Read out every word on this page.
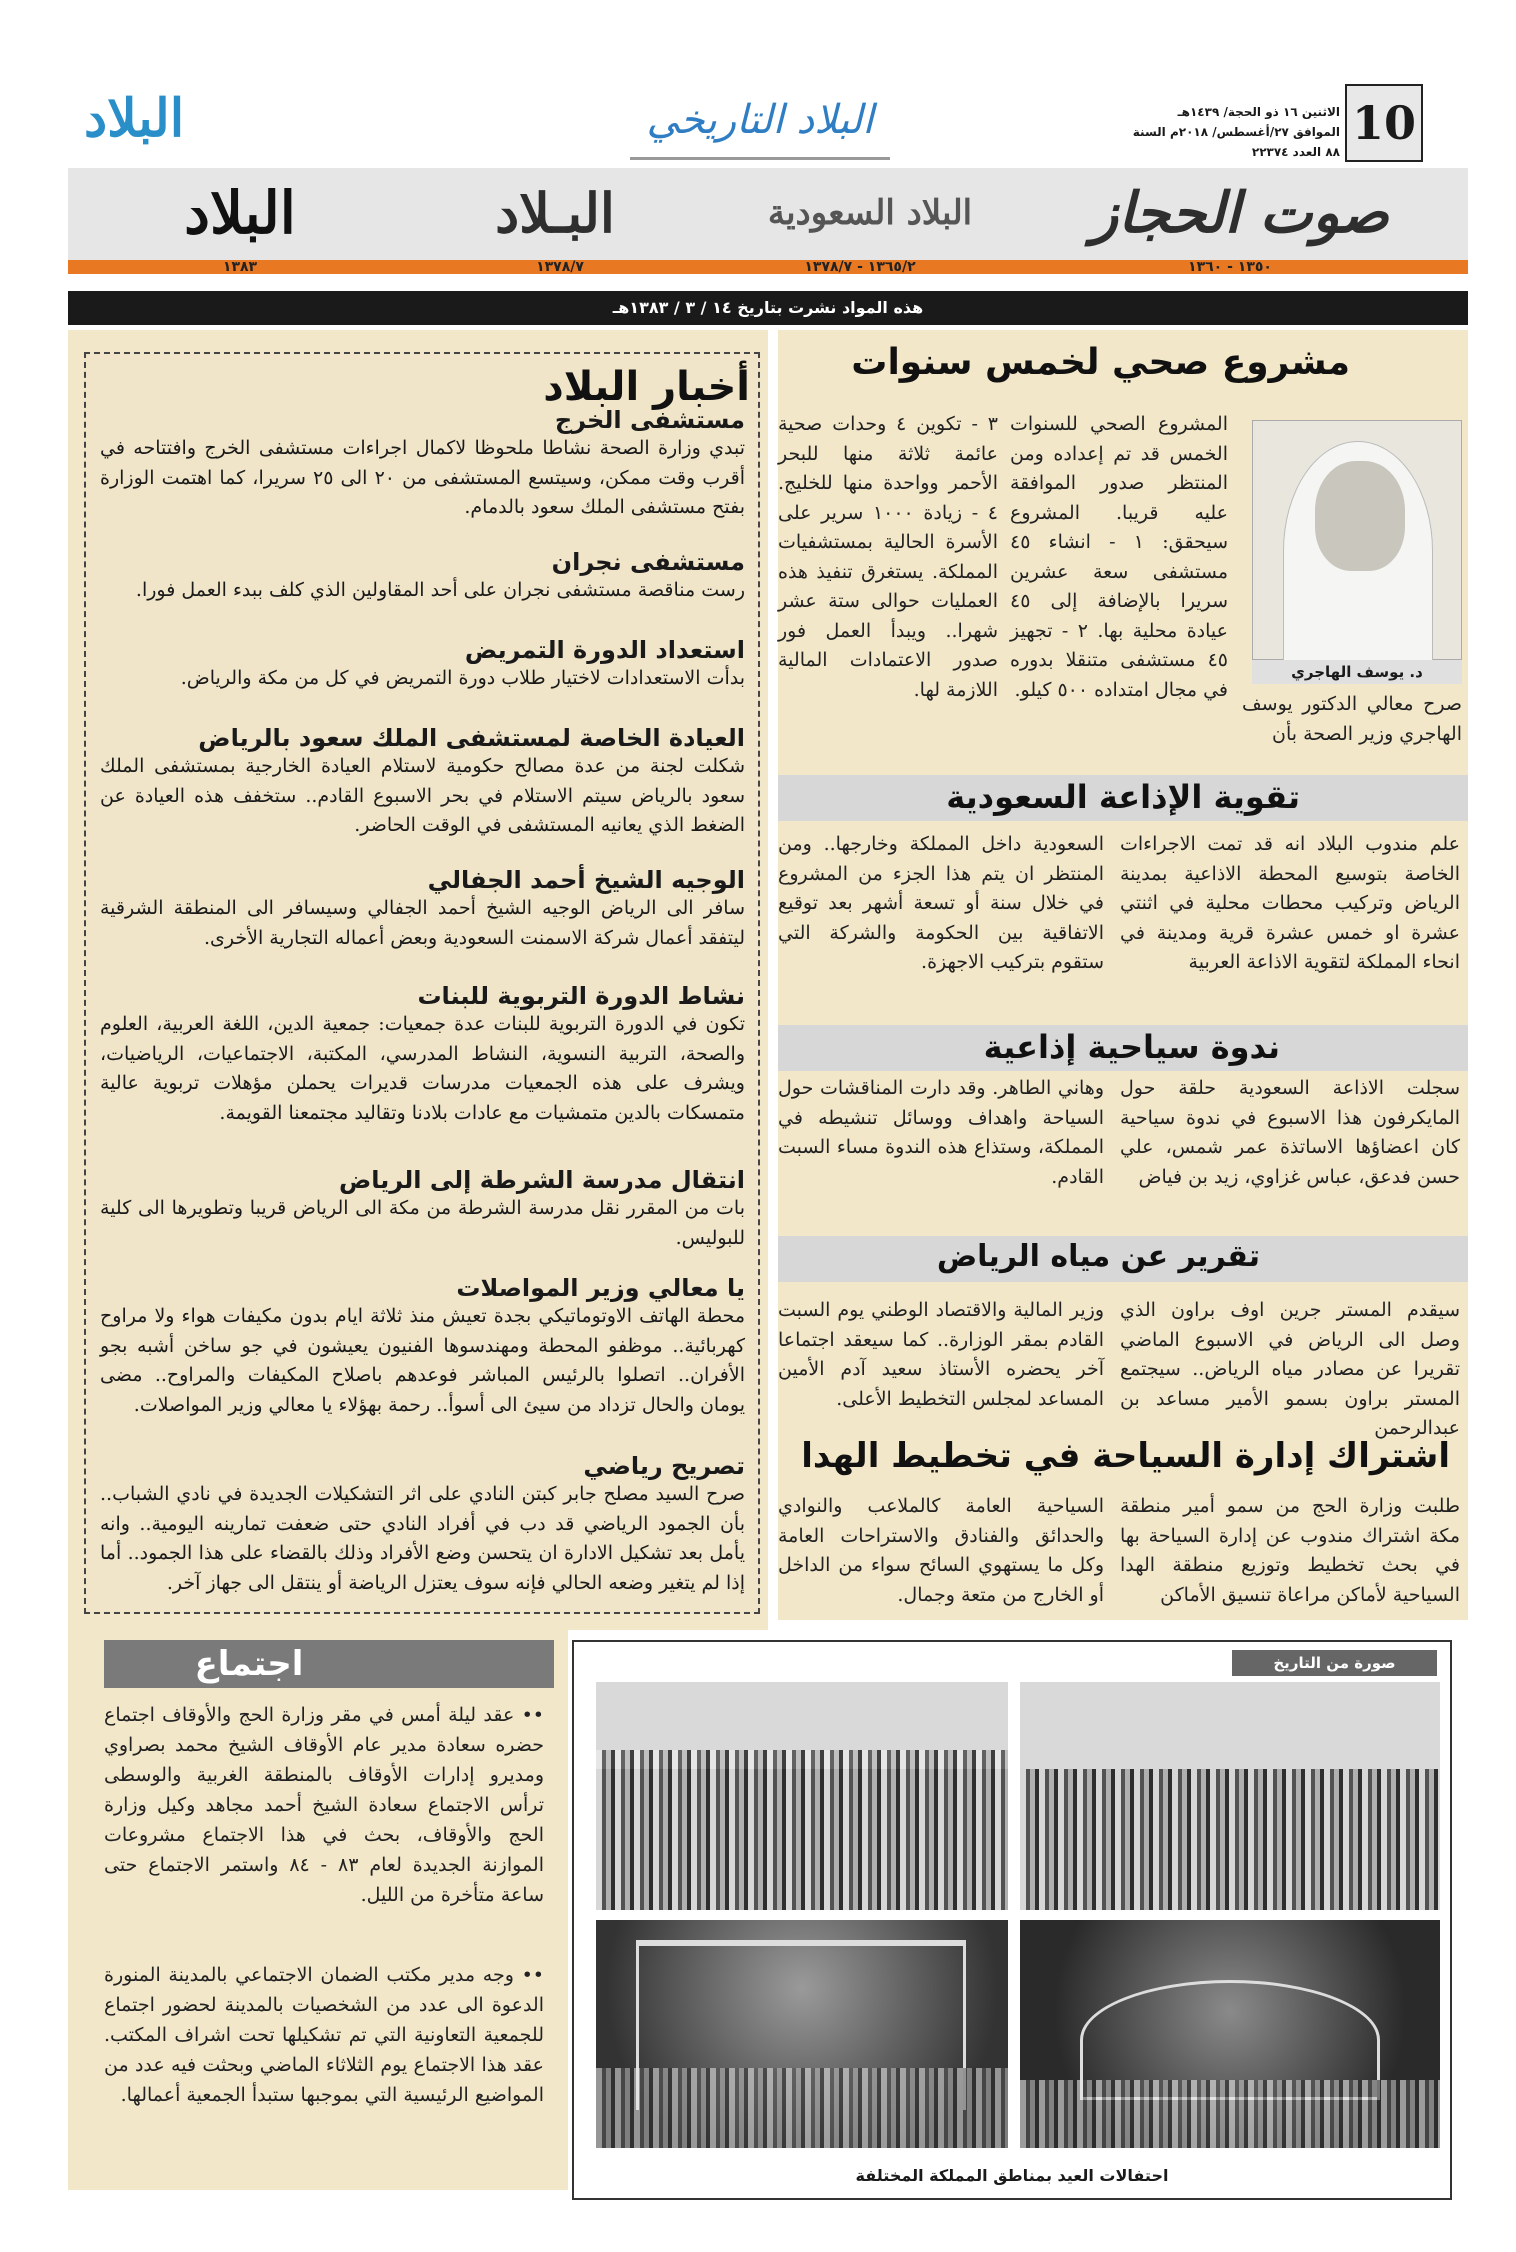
10
الاثنين ١٦ ذو الحجة/ ١٤٣٩هـ
الموافق ٢٧/أغسطس/ ٢٠١٨م السنة ٨٨ العدد ٢٢٣٧٤
البلاد التاريخي
البلاد
صوت الحجاز
البلاد السعودية
البـلاد
البلاد
١٣٥٠ - ١٣٦٠
١٣٦٥/٢ - ١٣٧٨/٧
١٣٧٨/٧
١٣٨٣
هذه المواد نشرت بتاريخ ١٤ / ٣ / ١٣٨٣هـ
مشروع صحي لخمس سنوات
د. يوسف الهاجري
صرح معالي الدكتور يوسف الهاجري وزير الصحة بأن
المشروع الصحي للسنوات الخمس قد تم إعداده ومن المنتظر صدور الموافقة عليه قريبا. المشروع سيحقق: ١ - انشاء ٤٥ مستشفى سعة عشرين سريرا بالإضافة إلى ٤٥ عيادة محلية بها. ٢ - تجهيز ٤٥ مستشفى متنقلا بدوره في مجال امتداده ٥٠٠ كيلو.
٣ - تكوين ٤ وحدات صحية عائمة ثلاثة منها للبحر الأحمر وواحدة منها للخليج. ٤ - زيادة ١٠٠٠ سرير على الأسرة الحالية بمستشفيات المملكة. يستغرق تنفيذ هذه العمليات حوالى ستة عشر شهرا.. ويبدأ العمل فور صدور الاعتمادات المالية اللازمة لها.
تقوية الإذاعة السعودية
علم مندوب البلاد انه قد تمت الاجراءات الخاصة بتوسيع المحطة الاذاعية بمدينة الرياض وتركيب محطات محلية في اثنتي عشرة او خمس عشرة قرية ومدينة في انحاء المملكة لتقوية الاذاعة العربية
السعودية داخل المملكة وخارجها.. ومن المنتظر ان يتم هذا الجزء من المشروع في خلال سنة أو تسعة أشهر بعد توقيع الاتفاقية بين الحكومة والشركة التي ستقوم بتركيب الاجهزة.
ندوة سياحية إذاعية
سجلت الاذاعة السعودية حلقة حول المايكرفون هذا الاسبوع في ندوة سياحية كان اعضاؤها الاساتذة عمر شمس، علي حسن فدعق، عباس غزاوي، زيد بن فياض
وهاني الطاهر. وقد دارت المناقشات حول السياحة واهداف ووسائل تنشيطه في المملكة، وستذاع هذه الندوة مساء السبت القادم.
تقرير عن مياه الرياض
سيقدم المستر جرين اوف براون الذي وصل الى الرياض في الاسبوع الماضي تقريرا عن مصادر مياه الرياض.. سيجتمع المستر براون بسمو الأمير مساعد بن عبدالرحمن
وزير المالية والاقتصاد الوطني يوم السبت القادم بمقر الوزارة.. كما سيعقد اجتماعا آخر يحضره الأستاذ سعيد آدم الأمين المساعد لمجلس التخطيط الأعلى.
اشتراك إدارة السياحة في تخطيط الهدا
طلبت وزارة الحج من سمو أمير منطقة مكة اشتراك مندوب عن إدارة السياحة بها في بحث تخطيط وتوزيع منطقة الهدا السياحية لأماكن مراعاة تنسيق الأماكن
السياحية العامة كالملاعب والنوادي والحدائق والفنادق والاستراحات العامة وكل ما يستهوي السائح سواء من الداخل أو الخارج من متعة وجمال.
أخبار البلاد
مستشفى الخرج
تبدي وزارة الصحة نشاطا ملحوظا لاكمال اجراءات مستشفى الخرج وافتتاحه في أقرب وقت ممكن، وسيتسع المستشفى من ٢٠ الى ٢٥ سريرا، كما اهتمت الوزارة بفتح مستشفى الملك سعود بالدمام.
مستشفى نجران
رست مناقصة مستشفى نجران على أحد المقاولين الذي كلف ببدء العمل فورا.
استعداد الدورة التمريض
بدأت الاستعدادات لاختيار طلاب دورة التمريض في كل من مكة والرياض.
العيادة الخاصة لمستشفى الملك سعود بالرياض
شكلت لجنة من عدة مصالح حكومية لاستلام العيادة الخارجية بمستشفى الملك سعود بالرياض سيتم الاستلام في بحر الاسبوع القادم.. ستخفف هذه العيادة عن الضغط الذي يعانيه المستشفى في الوقت الحاضر.
الوجيه الشيخ أحمد الجفالي
سافر الى الرياض الوجيه الشيخ أحمد الجفالي وسيسافر الى المنطقة الشرقية ليتفقد أعمال شركة الاسمنت السعودية وبعض أعماله التجارية الأخرى.
نشاط الدورة التربوية للبنات
تكون في الدورة التربوية للبنات عدة جمعيات: جمعية الدين، اللغة العربية، العلوم والصحة، التربية النسوية، النشاط المدرسي، المكتبة، الاجتماعيات، الرياضيات، ويشرف على هذه الجمعيات مدرسات قديرات يحملن مؤهلات تربوية عالية متمسكات بالدين متمشيات مع عادات بلادنا وتقاليد مجتمعنا القويمة.
انتقال مدرسة الشرطة إلى الرياض
بات من المقرر نقل مدرسة الشرطة من مكة الى الرياض قريبا وتطويرها الى كلية للبوليس.
يا معالي وزير المواصلات
محطة الهاتف الاوتوماتيكي بجدة تعيش منذ ثلاثة ايام بدون مكيفات هواء ولا مراوح كهربائية.. موظفو المحطة ومهندسوها الفنيون يعيشون في جو ساخن أشبه بجو الأفران.. اتصلوا بالرئيس المباشر فوعدهم باصلاح المكيفات والمراوح.. مضى يومان والحال تزداد من سيئ الى أسوأ.. رحمة بهؤلاء يا معالي وزير المواصلات.
تصريح رياضي
صرح السيد مصلح جابر كبتن النادي على اثر التشكيلات الجديدة في نادي الشباب.. بأن الجمود الرياضي قد دب في أفراد النادي حتى ضعفت تمارينه اليومية.. وانه يأمل بعد تشكيل الادارة ان يتحسن وضع الأفراد وذلك بالقضاء على هذا الجمود.. أما إذا لم يتغير وضعه الحالي فإنه سوف يعتزل الرياضة أو ينتقل الى جهاز آخر.
اجتماع
•• عقد ليلة أمس في مقر وزارة الحج والأوقاف اجتماع حضره سعادة مدير عام الأوقاف الشيخ محمد بصراوي ومديرو إدارات الأوقاف بالمنطقة الغربية والوسطى ترأس الاجتماع سعادة الشيخ أحمد مجاهد وكيل وزارة الحج والأوقاف، بحث في هذا الاجتماع مشروعات الموازنة الجديدة لعام ٨٣ - ٨٤ واستمر الاجتماع حتى ساعة متأخرة من الليل.
•• وجه مدير مكتب الضمان الاجتماعي بالمدينة المنورة الدعوة الى عدد من الشخصيات بالمدينة لحضور اجتماع للجمعية التعاونية التي تم تشكيلها تحت اشراف المكتب. عقد هذا الاجتماع يوم الثلاثاء الماضي وبحثت فيه عدد من المواضيع الرئيسية التي بموجبها ستبدأ الجمعية أعمالها.
صورة من التاريخ
احتفالات العيد بمناطق المملكة المختلفة
